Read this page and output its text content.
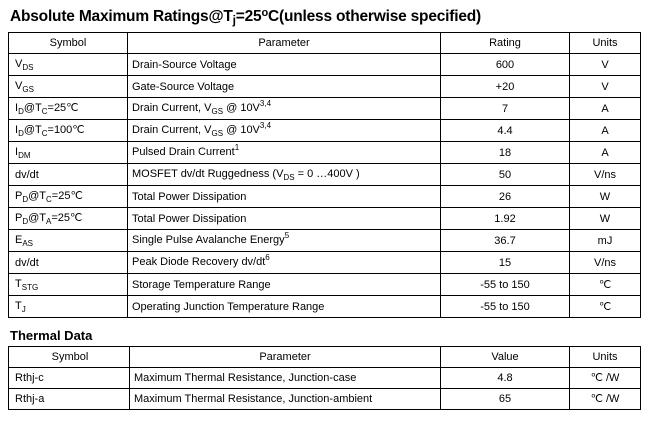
Absolute Maximum $Ratings@Tj=25^oC(unless$ otherwise specified)
Symbol	Parameter	Rating	Units
$V_{DS}$	Drain-Source Voltage	600	V
$V_{GS}$	Gate-Source Voltage	+20	V
$I_D@T_C=25℃$	Drain Current, $V_{GS}$ @ $10V^{3,4}$	7	A
$I_D@T_C=100℃$	Drain Current, $V_{GS}$ @ $10V^{3,4}$	4.4	A
$I_{DM}$	Pulsed Drain Current$^1$	18	A
dv/dt	MOSFET dv/dt Ruggedness ($V_{DS} = 0$ …400V )	50	V/ns
$P_D@T_C=25℃$	Total Power Dissipation	26	W
$P_D@T_A=25℃$	Total Power Dissipation	1.92	W
$E_{AS}$	Single Pulse Avalanche Energy$^5$	36.7	mJ
dv/dt	Peak Diode Recovery $dv/dt^6$	15	V/ns
$T_{STG}$	Storage Temperature Range	-55 to 150	℃
$T_J$	Operating Junction Temperature Range	-55 to 150	℃
Thermal Data
Symbol	Parameter	Value	Units
Rthj-c	Maximum Thermal Resistance, Junction-case	4.8	℃ /W
Rthj-a	Maximum Thermal Resistance, Junction-ambient	65	℃ /W
